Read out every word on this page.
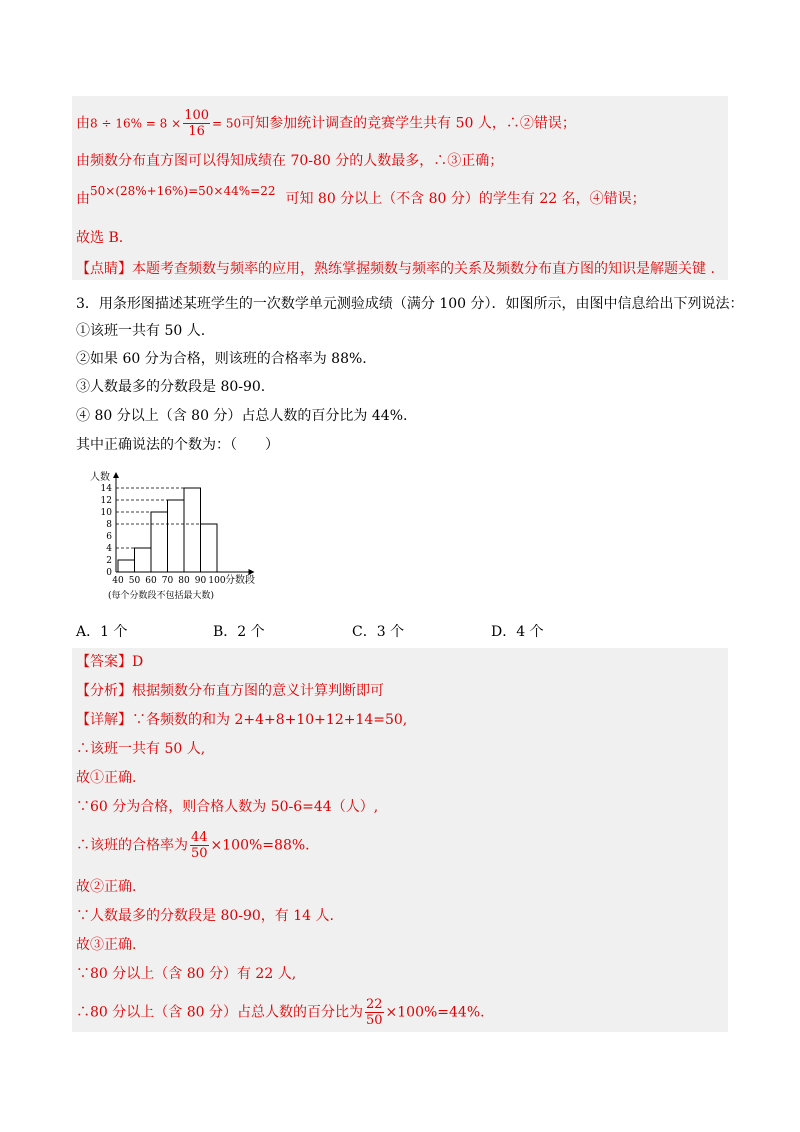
由$8 \div 16\% = 8 \times \frac{100}{16} = 50$可知参加统计调查的竞赛学生共有 50 人，∴②错误；
由频数分布直方图可以得知成绩在 70-80 分的人数最多，∴③正确；
由50×(28%+16%)=50×44%=22 可知 80 分以上（不含 80 分）的学生有 22 名，④错误；
故选 B.
【点睛】本题考查频数与频率的应用，熟练掌握频数与频率的关系及频数分布直方图的知识是解题关键 .
3．用条形图描述某班学生的一次数学单元测验成绩（满分 100 分）．如图所示，由图中信息给出下列说法：
①该班一共有 50 人.
②如果 60 分为合格，则该班的合格率为 88%.
③人数最多的分数段是 80-90.
④ 80 分以上（含 80 分）占总人数的百分比为 44%.
其中正确说法的个数为：（　　）
人数
0
2
4
6
8
10
12
14
40 50 60 70 80 90 100 分数段
(每个分数段不包括最大数)
A．1 个	B．2 个	C．3 个	D．4 个
【答案】D
【分析】根据频数分布直方图的意义计算判断即可
【详解】∵各频数的和为 2+4+8+10+12+14=50,
∴该班一共有 50 人,
故①正确.
∵60 分为合格，则合格人数为 50-6=44（人）,
∴该班的合格率为 $\frac{44}{50} \times 100\%=88\%$.
故②正确.
∵人数最多的分数段是 80-90，有 14 人.
故③正确.
∵80 分以上（含 80 分）有 22 人,
∴80 分以上（含 80 分）占总人数的百分比为 $\frac{22}{50} \times 100\%=44\%$.
